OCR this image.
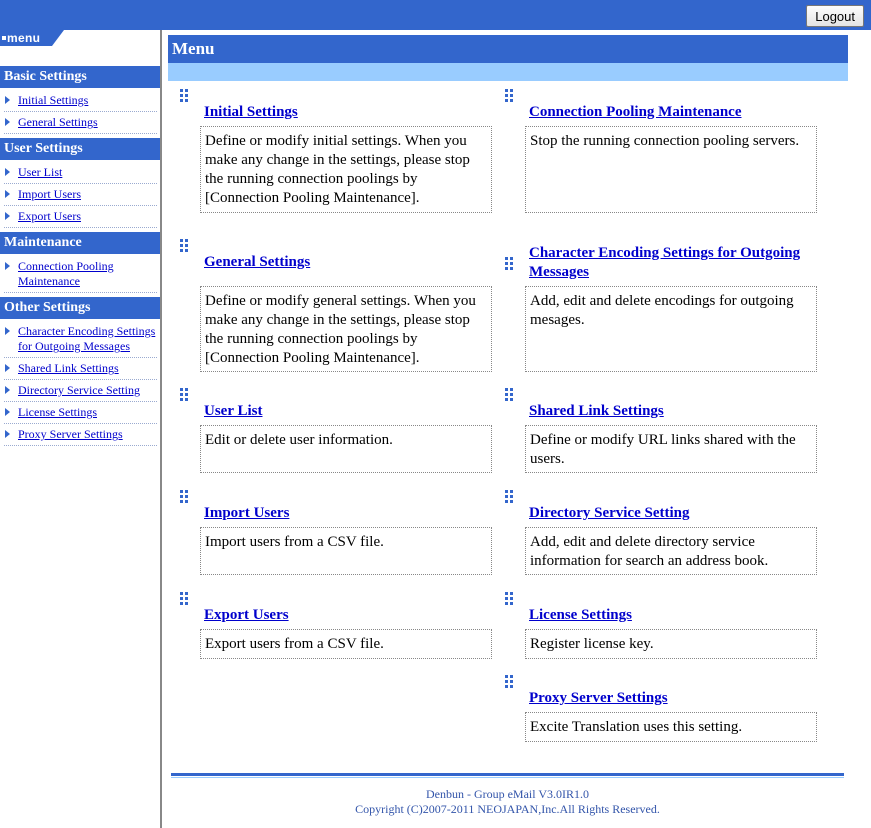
Logout
menu
Basic Settings
Initial Settings
General Settings
User Settings
User List
Import Users
Export Users
Maintenance
Connection Pooling Maintenance
Other Settings
Character Encoding Settings for Outgoing Messages
Shared Link Settings
Directory Service Setting
License Settings
Proxy Server Settings
Menu
Initial Settings
Define or modify initial settings. When you make any change in the settings, please stop the running connection poolings by [Connection Pooling Maintenance].
General Settings
Define or modify general settings. When you make any change in the settings, please stop the running connection poolings by [Connection Pooling Maintenance].
User List
Edit or delete user information.
Import Users
Import users from a CSV file.
Export Users
Export users from a CSV file.
Connection Pooling Maintenance
Stop the running connection pooling servers.
Character Encoding Settings for Outgoing Messages
Add, edit and delete encodings for outgoing mesages.
Shared Link Settings
Define or modify URL links shared with the users.
Directory Service Setting
Add, edit and delete directory service information for search an address book.
License Settings
Register license key.
Proxy Server Settings
Excite Translation uses this setting.
Denbun - Group eMail V3.0IR1.0
Copyright (C)2007-2011 NEOJAPAN,Inc.All Rights Reserved.
